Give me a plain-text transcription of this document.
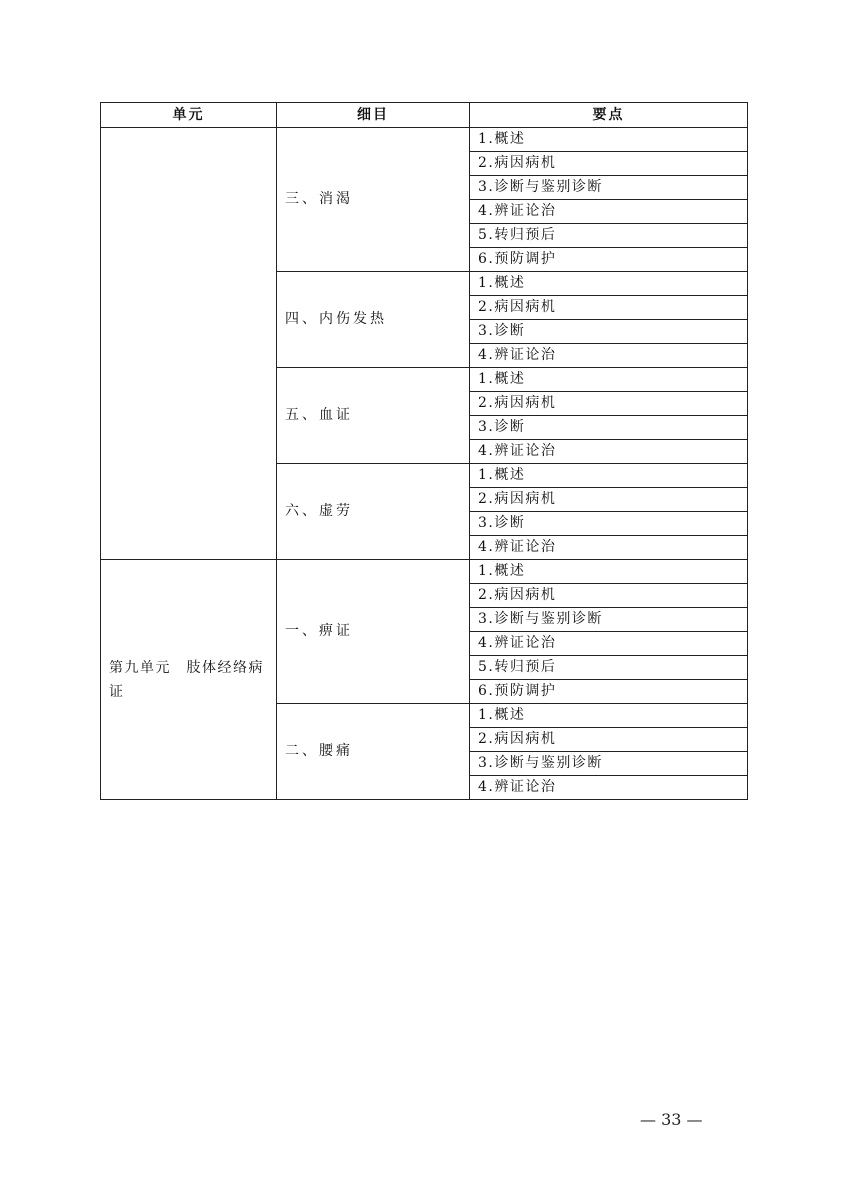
单元	细目	要点
	三、消渴	1.概述
		2.病因病机
		3.诊断与鉴别诊断
		4.辨证论治
		5.转归预后
		6.预防调护
	四、内伤发热	1.概述
		2.病因病机
		3.诊断
		4.辨证论治
	五、血证	1.概述
		2.病因病机
		3.诊断
		4.辨证论治
	六、虚劳	1.概述
		2.病因病机
		3.诊断
		4.辨证论治
第九单元　肢体经络病证	一、痹证	1.概述
		2.病因病机
		3.诊断与鉴别诊断
		4.辨证论治
		5.转归预后
		6.预防调护
	二、腰痛	1.概述
		2.病因病机
		3.诊断与鉴别诊断
		4.辨证论治
— 33 —
